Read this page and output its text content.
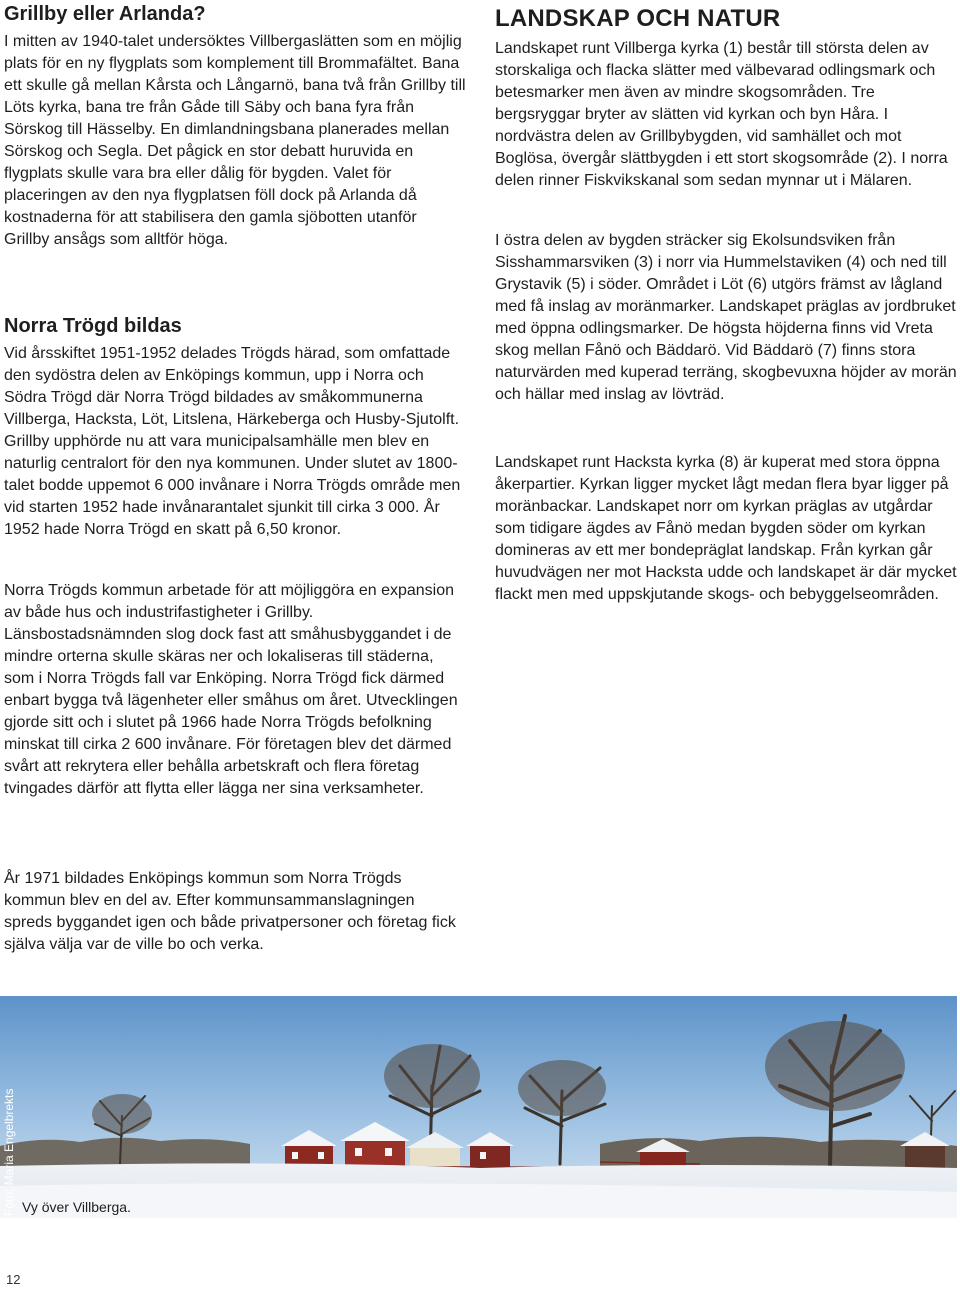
Grillby eller Arlanda?

I mitten av 1940-talet undersöktes Villbergaslätten som en möjlig plats för en ny flygplats som komplement till Brommafältet. Bana ett skulle gå mellan Kårsta och Långarnö, bana två från Grillby till Löts kyrka, bana tre från Gåde till Säby och bana fyra från Sörskog till Hässelby. En dimlandningsbana planerades mellan Sörskog och Segla. Det pågick en stor debatt huruvida en flygplats skulle vara bra eller dålig för bygden. Valet för placeringen av den nya flygplatsen föll dock på Arlanda då kostnaderna för att stabilisera den gamla sjöbotten utanför Grillby ansågs som alltför höga.

Norra Trögd bildas

Vid årsskiftet 1951-1952 delades Trögds härad, som omfattade den sydöstra delen av Enköpings kommun, upp i Norra och Södra Trögd där Norra Trögd bildades av småkommunerna Villberga, Hacksta, Löt, Litslena, Härkeberga och Husby-Sjutolft. Grillby upphörde nu att vara municipalsamhälle men blev en naturlig centralort för den nya kommunen. Under slutet av 1800-talet bodde uppemot 6 000 invånare i Norra Trögds område men vid starten 1952 hade invånarantalet sjunkit till cirka 3 000. År 1952 hade Norra Trögd en skatt på 6,50 kronor.

Norra Trögds kommun arbetade för att möjliggöra en expansion av både hus och industrifastigheter i Grillby. Länsbostadsnämnden slog dock fast att småhusbyggandet i de mindre orterna skulle skäras ner och lokaliseras till städerna, som i Norra Trögds fall var Enköping. Norra Trögd fick därmed enbart bygga två lägenheter eller småhus om året. Utvecklingen gjorde sitt och i slutet på 1966 hade Norra Trögds befolkning minskat till cirka 2 600 invånare. För företagen blev det därmed svårt att rekrytera eller behålla arbetskraft och flera företag tvingades därför att flytta eller lägga ner sina verksamheter.

År 1971 bildades Enköpings kommun som Norra Trögds kommun blev en del av. Efter kommunsammanslagningen spreds byggandet igen och både privatpersoner och företag fick själva välja var de ville bo och verka.

LANDSKAP OCH NATUR

Landskapet runt Villberga kyrka (1) består till största delen av storskaliga och flacka slätter med välbevarad odlingsmark och betesmarker men även av mindre skogsområden. Tre bergsryggar bryter av slätten vid kyrkan och byn Håra. I nordvästra delen av Grillbybygden, vid samhället och mot Boglösa, övergår slättbygden i ett stort skogsområde (2). I norra delen rinner Fiskvikskanal som sedan mynnar ut i Mälaren.

I östra delen av bygden sträcker sig Ekolsundsviken från Sisshammarsviken (3) i norr via Hummelstaviken (4) och ned till Grystavik (5) i söder. Området i Löt (6) utgörs främst av lågland med få inslag av moränmarker. Landskapet präglas av jordbruket med öppna odlingsmarker. De högsta höjderna finns vid Vreta skog mellan Fånö och Bäddarö. Vid Bäddarö (7) finns stora naturvärden med kuperad terräng, skogbevuxna höjder av morän och hällar med inslag av lövträd.

Landskapet runt Hacksta kyrka (8) är kuperat med stora öppna åkerpartier. Kyrkan ligger mycket lågt medan flera byar ligger på moränbackar. Landskapet norr om kyrkan präglas av utgårdar som tidigare ägdes av Fånö medan bygden söder om kyrkan domineras av ett mer bondepräglat landskap. Från kyrkan går huvudvägen ner mot Hacksta udde och landskapet är där mycket flackt men med uppskjutande skogs- och bebyggelseområden.

Foto: Maria Engelbrekts Vy över Villberga.
12
